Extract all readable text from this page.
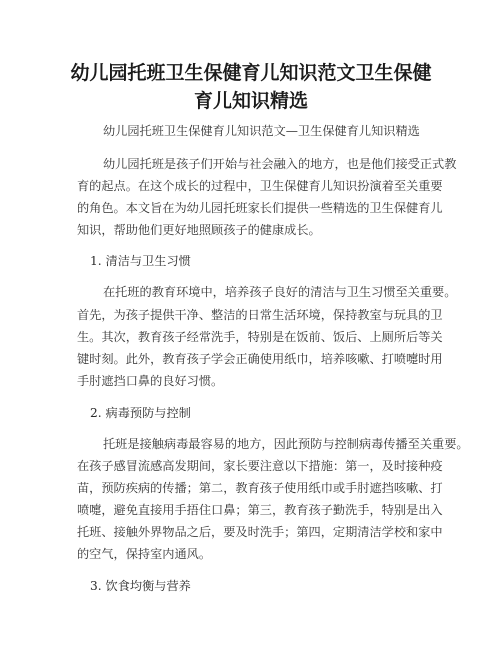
幼儿园托班卫生保健育儿知识范文卫生保健
育儿知识精选

幼儿园托班卫生保健育儿知识范文—卫生保健育儿知识精选

幼儿园托班是孩子们开始与社会融入的地方，也是他们接受正式教

育的起点。在这个成长的过程中，卫生保健育儿知识扮演着至关重要

的角色。本文旨在为幼儿园托班家长们提供一些精选的卫生保健育儿

知识，帮助他们更好地照顾孩子的健康成长。

1. 清洁与卫生习惯

在托班的教育环境中，培养孩子良好的清洁与卫生习惯至关重要。

首先，为孩子提供干净、整洁的日常生活环境，保持教室与玩具的卫

生。其次，教育孩子经常洗手，特别是在饭前、饭后、上厕所后等关

键时刻。此外，教育孩子学会正确使用纸巾，培养咳嗽、打喷嚏时用

手肘遮挡口鼻的良好习惯。

2. 病毒预防与控制

托班是接触病毒最容易的地方，因此预防与控制病毒传播至关重要。

在孩子感冒流感高发期间，家长要注意以下措施：第一，及时接种疫

苗，预防疾病的传播；第二，教育孩子使用纸巾或手肘遮挡咳嗽、打

喷嚏，避免直接用手捂住口鼻；第三，教育孩子勤洗手，特别是出入

托班、接触外界物品之后，要及时洗手；第四，定期清洁学校和家中

的空气，保持室内通风。

3. 饮食均衡与营养
